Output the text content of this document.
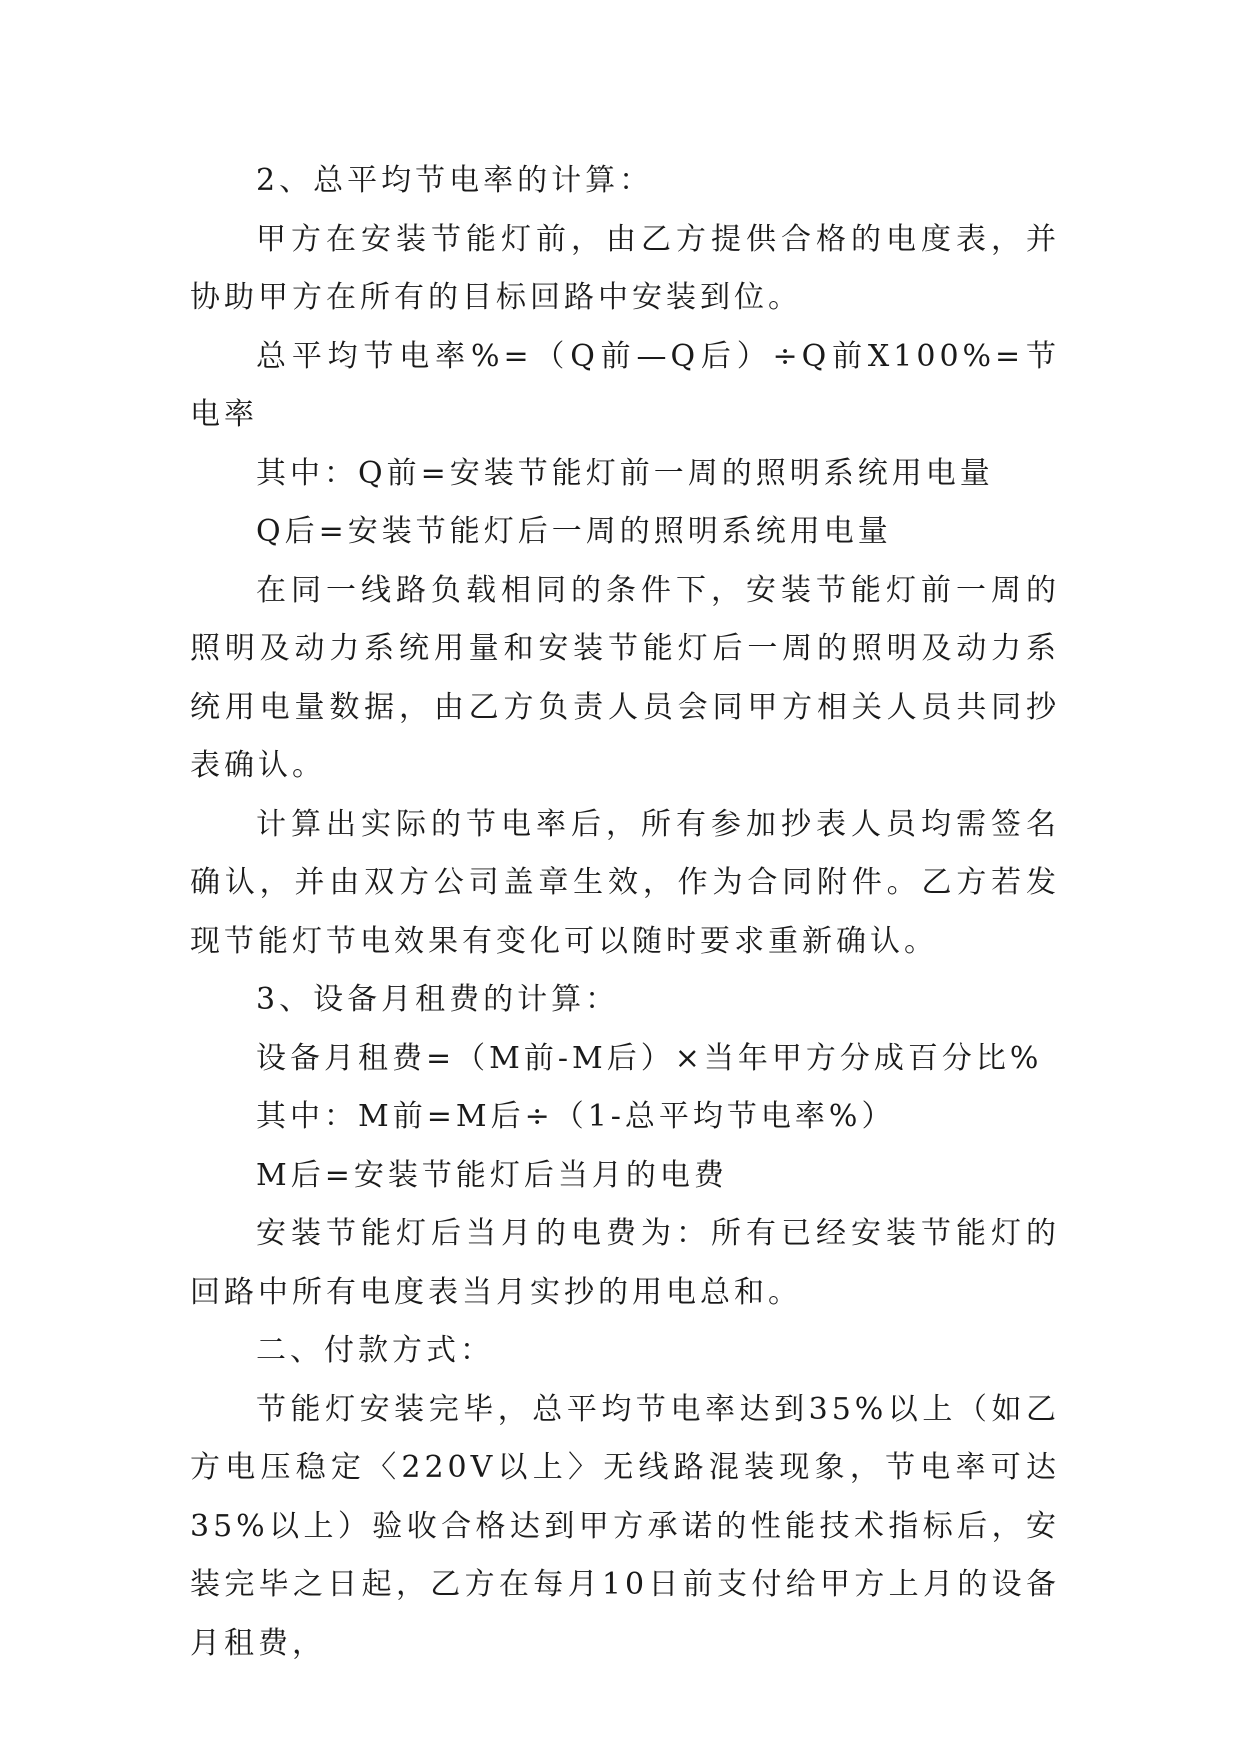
2、总平均节电率的计算：

甲方在安装节能灯前，由乙方提供合格的电度表，并协助甲方在所有的目标回路中安装到位。

总平均节电率%=（Q前—Q后）÷Q前X100%=节电率

其中：Q前=安装节能灯前一周的照明系统用电量

Q后=安装节能灯后一周的照明系统用电量

在同一线路负载相同的条件下，安装节能灯前一周的照明及动力系统用量和安装节能灯后一周的照明及动力系统用电量数据，由乙方负责人员会同甲方相关人员共同抄表确认。

计算出实际的节电率后，所有参加抄表人员均需签名确认，并由双方公司盖章生效，作为合同附件。乙方若发现节能灯节电效果有变化可以随时要求重新确认。

3、设备月租费的计算：

设备月租费=（M前-M后）×当年甲方分成百分比%

其中：M前=M后÷（1-总平均节电率%）

M后=安装节能灯后当月的电费

安装节能灯后当月的电费为：所有已经安装节能灯的回路中所有电度表当月实抄的用电总和。

二、付款方式：

节能灯安装完毕，总平均节电率达到35%以上（如乙方电压稳定〈220V以上〉无线路混装现象，节电率可达35%以上）验收合格达到甲方承诺的性能技术指标后，安装完毕之日起，乙方在每月10日前支付给甲方上月的设备月租费，
